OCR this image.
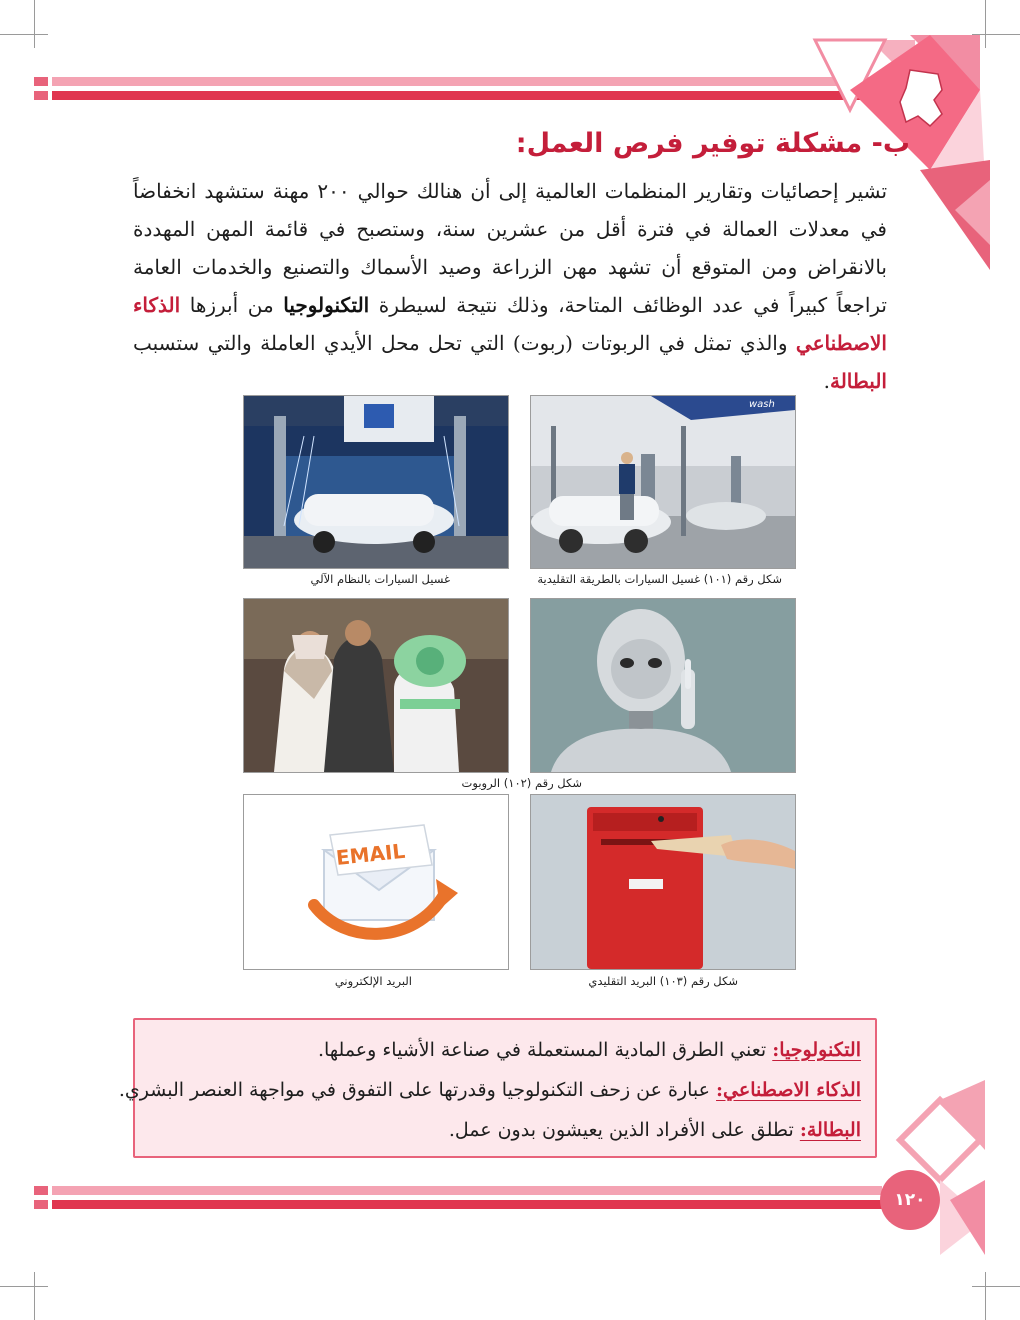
ب- مشكلة توفير فرص العمل:
تشير إحصائيات وتقارير المنظمات العالمية إلى أن هنالك حوالي ٢٠٠ مهنة ستشهد انخفاضاً في معدلات العمالة في فترة أقل من عشرين سنة، وستصبح في قائمة المهن المهددة بالانقراض ومن المتوقع أن تشهد مهن الزراعة وصيد الأسماك والتصنيع والخدمات العامة تراجعاً كبيراً في عدد الوظائف المتاحة، وذلك نتيجة لسيطرة التكنولوجيا من أبرزها الذكاء الاصطناعي والذي تمثل في الربوتات (ربوت) التي تحل محل الأيدي العاملة والتي ستسبب البطالة.
wash
شكل رقم (١٠١) غسيل السيارات بالطريقة التقليدية
غسيل السيارات بالنظام الآلي
شكل رقم (١٠٢) الروبوت
EMAIL
شكل رقم (١٠٣) البريد التقليدي
البريد الإلكتروني
التكنولوجيا: تعني الطرق المادية المستعملة في صناعة الأشياء وعملها.
الذكاء الاصطناعي: عبارة عن زحف التكنولوجيا وقدرتها على التفوق في مواجهة العنصر البشري.
البطالة: تطلق على الأفراد الذين يعيشون بدون عمل.
١٢٠
